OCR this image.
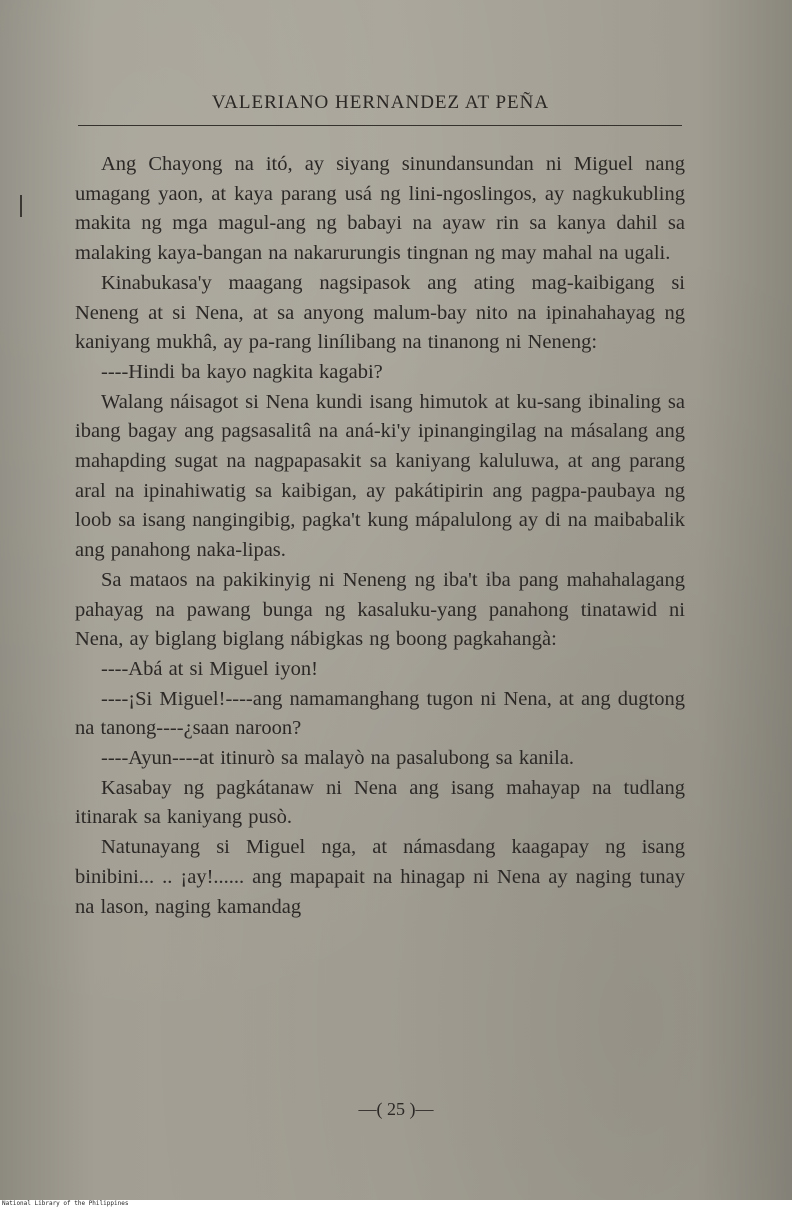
VALERIANO HERNANDEZ AT PEÑA

Ang Chayong na itó, ay siyang sinundansundan ni Miguel nang umagang yaon, at kaya parang usá ng lini-ngoslingos, ay nagkukubling makita ng mga magul-ang ng babayi na ayaw rin sa kanya dahil sa malaking kaya-bangan na nakarurungis tingnan ng may mahal na ugali.

Kinabukasa'y maagang nagsipasok ang ating mag-kaibigang si Neneng at si Nena, at sa anyong malum-bay nito na ipinahahayag ng kaniyang mukhâ, ay pa-rang linílibang na tinanong ni Neneng:

----Hindi ba kayo nagkita kagabi?

Walang náisagot si Nena kundi isang himutok at ku-sang ibinaling sa ibang bagay ang pagsasalitâ na aná-ki'y ipinangingilag na másalang ang mahapding sugat na nagpapasakit sa kaniyang kaluluwa, at ang parang aral na ipinahiwatig sa kaibigan, ay pakátipirin ang pagpa-paubaya ng loob sa isang nangingibig, pagka't kung mápalulong ay di na maibabalik ang panahong naka-lipas.

Sa mataos na pakikinyig ni Neneng ng iba't iba pang mahahalagang pahayag na pawang bunga ng kasaluku-yang panahong tinatawid ni Nena, ay biglang biglang nábigkas ng boong pagkahangà:

----Abá at si Miguel iyon!

----¡Si Miguel!----ang namamanghang tugon ni Nena, at ang dugtong na tanong----¿saan naroon?

----Ayun----at itinurò sa malayò na pasalubong sa kanila.

Kasabay ng pagkátanaw ni Nena ang isang mahayap na tudlang itinarak sa kaniyang pusò.

Natunayang si Miguel nga, at námasdang kaagapay ng isang binibini... .. ¡ay!...... ang mapapait na hinagap ni Nena ay naging tunay na lason, naging kamandag

—( 25 )—
National Library of the Philippines
